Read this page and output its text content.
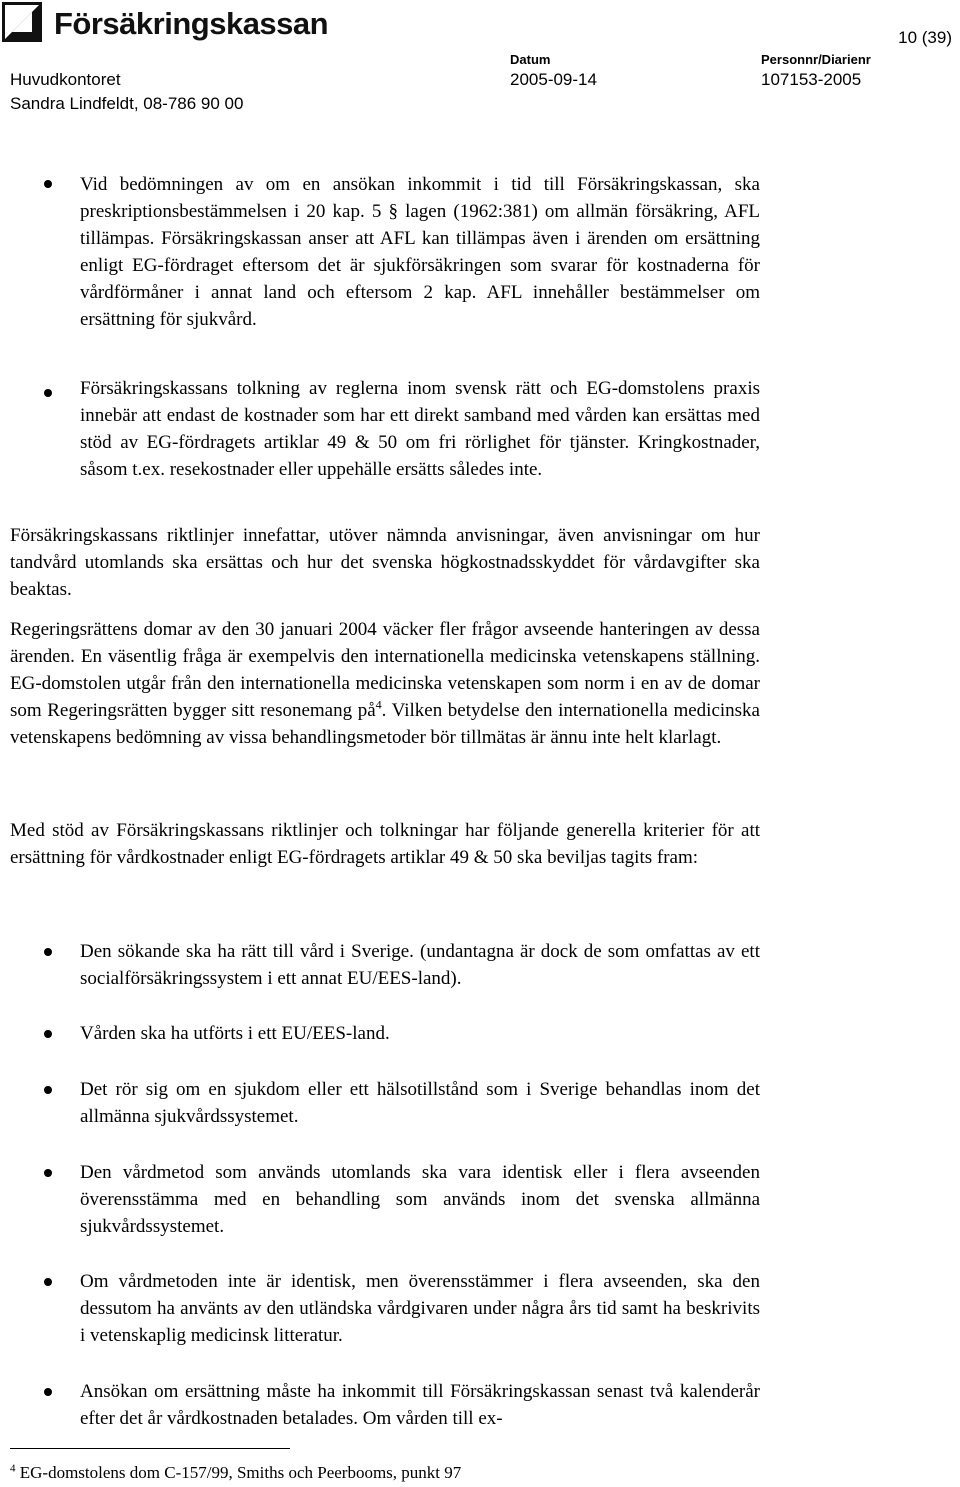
Försäkringskassan	10 (39)
Huvudkontoret
Sandra Lindfeldt, 08-786 90 00
Datum
2005-09-14
Personnr/Diarienr
107153-2005
Vid bedömningen av om en ansökan inkommit i tid till Försäkringskassan, ska preskriptionsbestämmelsen i 20 kap. 5 § lagen (1962:381) om allmän försäkring, AFL tillämpas. Försäkringskassan anser att AFL kan tillämpas även i ärenden om ersättning enligt EG-fördraget eftersom det är sjukförsäkringen som svarar för kostnaderna för vårdförmåner i annat land och eftersom 2 kap. AFL innehåller bestämmelser om ersättning för sjukvård.
Försäkringskassans tolkning av reglerna inom svensk rätt och EG-domstolens praxis innebär att endast de kostnader som har ett direkt samband med vården kan ersättas med stöd av EG-fördragets artiklar 49 & 50 om fri rörlighet för tjänster. Kringkostnader, såsom t.ex. resekostnader eller uppehälle ersätts således inte.
Försäkringskassans riktlinjer innefattar, utöver nämnda anvisningar, även anvisningar om hur tandvård utomlands ska ersättas och hur det svenska högkostnadsskyddet för vårdavgifter ska beaktas.
Regeringsrättens domar av den 30 januari 2004 väcker fler frågor avseende hanteringen av dessa ärenden. En väsentlig fråga är exempelvis den internationella medicinska vetenskapens ställning. EG-domstolen utgår från den internationella medicinska vetenskapen som norm i en av de domar som Regeringsrätten bygger sitt resonemang $på^4$. Vilken betydelse den internationella medicinska vetenskapens bedömning av vissa behandlingsmetoder bör tillmätas är ännu inte helt klarlagt.
Med stöd av Försäkringskassans riktlinjer och tolkningar har följande generella kriterier för att ersättning för vårdkostnader enligt EG-fördragets artiklar 49 & 50 ska beviljas tagits fram:
Den sökande ska ha rätt till vård i Sverige. (undantagna är dock de som omfattas av ett socialförsäkringssystem i ett annat EU/EES-land).
Vården ska ha utförts i ett EU/EES-land.
Det rör sig om en sjukdom eller ett hälsotillstånd som i Sverige behandlas inom det allmänna sjukvårdssystemet.
Den vårdmetod som används utomlands ska vara identisk eller i flera avseenden överensstämma med en behandling som används inom det svenska allmänna sjukvårdssystemet.
Om vårdmetoden inte är identisk, men överensstämmer i flera avseenden, ska den dessutom ha använts av den utländska vårdgivaren under några års tid samt ha beskrivits i vetenskaplig medicinsk litteratur.
Ansökan om ersättning måste ha inkommit till Försäkringskassan senast två kalenderår efter det år vårdkostnaden betalades. Om vården till ex-
$^4$ EG-domstolens dom C-157/99, Smiths och Peerbooms, punkt 97
